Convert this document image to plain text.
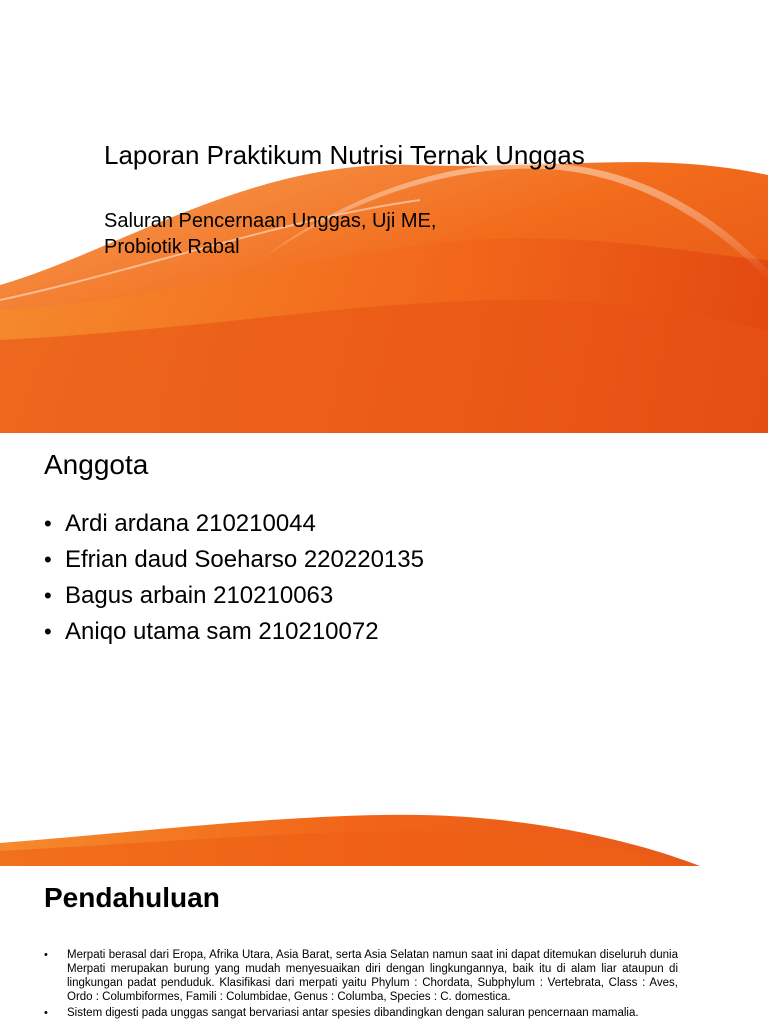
Laporan Praktikum Nutrisi Ternak Unggas
Saluran Pencernaan Unggas, Uji ME,
Probiotik Rabal
Anggota
• Ardi ardana 210210044
• Efrian daud Soeharso 220220135
• Bagus arbain 210210063
• Aniqo utama sam 210210072
Pendahuluan
• Merpati berasal dari Eropa, Afrika Utara, Asia Barat, serta Asia Selatan namun saat ini dapat ditemukan diseluruh dunia Merpati merupakan burung yang mudah menyesuaikan diri dengan lingkungannya, baik itu di alam liar ataupun di lingkungan padat penduduk. Klasifikasi dari merpati yaitu Phylum : Chordata, Subphylum : Vertebrata, Class : Aves, Ordo : Columbiformes, Famili : Columbidae, Genus : Columba, Species : C. domestica.
• Sistem digesti pada unggas sangat bervariasi antar spesies dibandingkan dengan saluran pencernaan mamalia.
